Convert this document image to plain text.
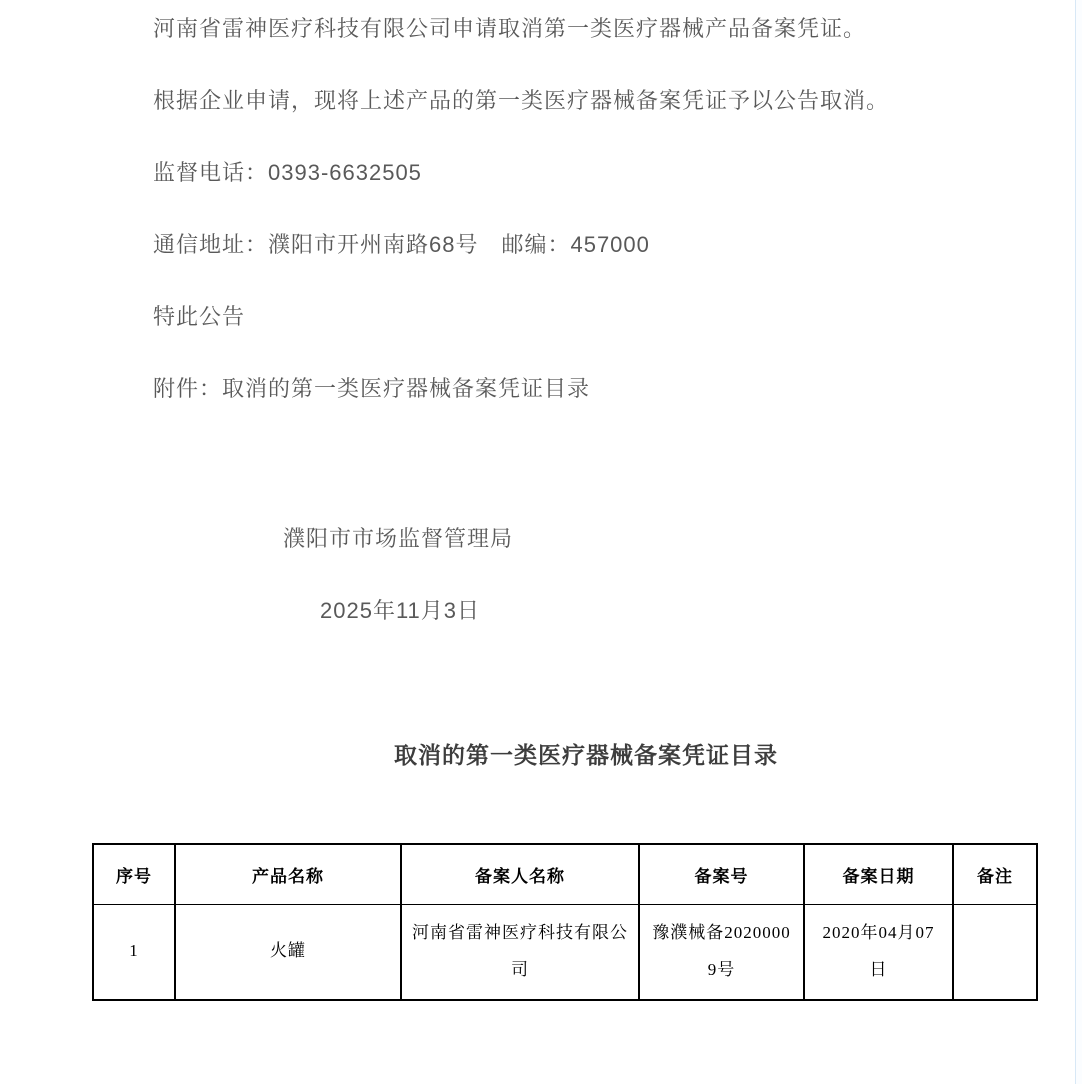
河南省雷神医疗科技有限公司申请取消第一类医疗器械产品备案凭证。

根据企业申请，现将上述产品的第一类医疗器械备案凭证予以公告取消。

监督电话：0393-6632505

通信地址：濮阳市开州南路68号　邮编：457000

特此公告

附件：取消的第一类医疗器械备案凭证目录

濮阳市市场监督管理局

2025年11月3日

取消的第一类医疗器械备案凭证目录
序号	产品名称	备案人名称	备案号	备案日期	备注
1	火罐	河南省雷神医疗科技有限公司	豫濮械备20200009号	2020年04月07日	
